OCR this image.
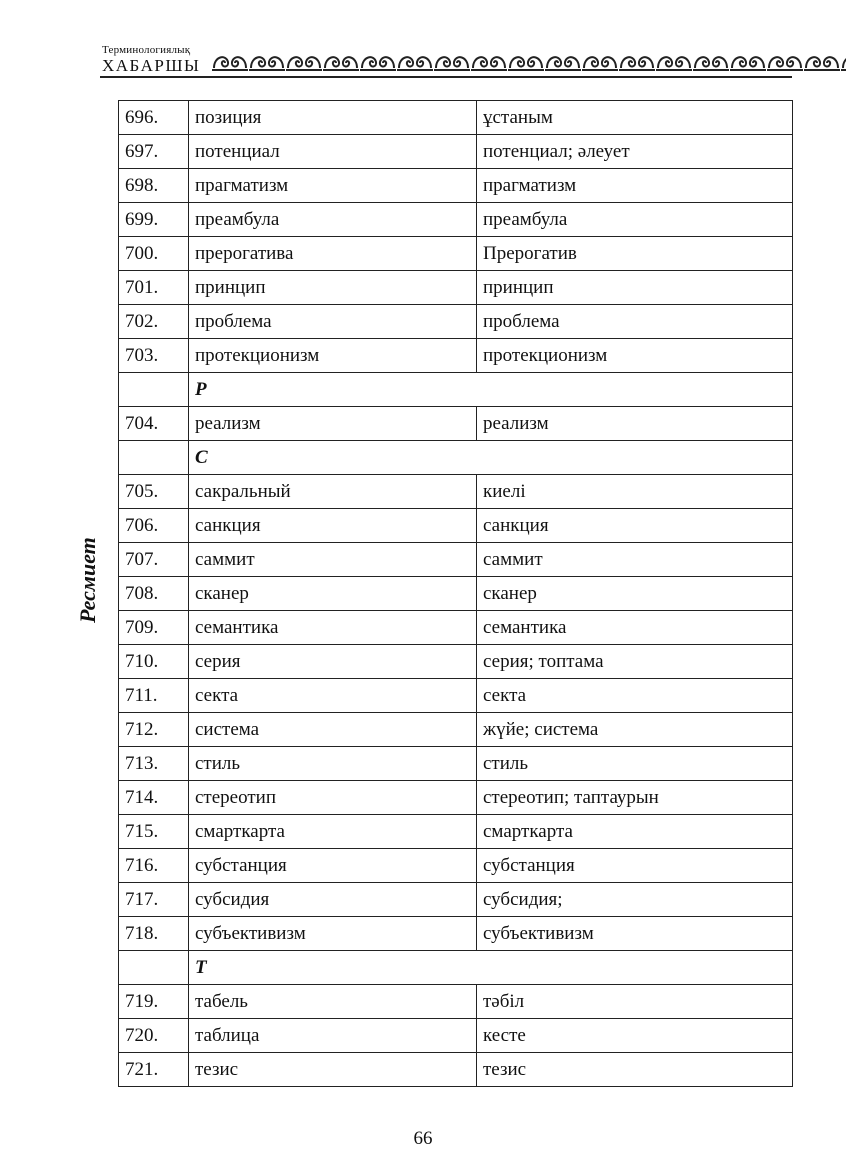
Терминологиялық
ХАБАРШЫ
Ресмиет
696.	позиция	ұстаным
697.	потенциал	потенциал; әлеует
698.	прагматизм	прагматизм
699.	преамбула	преамбула
700.	прерогатива	Прерогатив
701.	принцип	принцип
702.	проблема	проблема
703.	протекционизм	протекционизм
	Р	
704.	реализм	реализм
	С	
705.	сакральный	киелі
706.	санкция	санкция
707.	саммит	саммит
708.	сканер	сканер
709.	семантика	семантика
710.	серия	серия; топтама
711.	секта	секта
712.	система	жүйе; система
713.	стиль	стиль
714.	стереотип	стереотип; таптаурын
715.	смарткарта	смарткарта
716.	субстанция	субстанция
717.	субсидия	субсидия;
718.	субъективизм	субъективизм
	Т	
719.	табель	тәбіл
720.	таблица	кесте
721.	тезис	тезис
66
